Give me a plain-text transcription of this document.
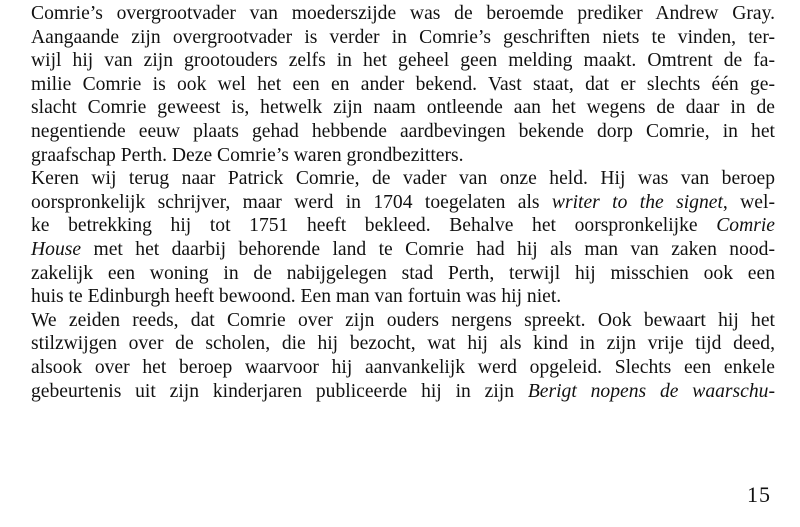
Comrie’s overgrootvader van moederszijde was de beroemde prediker Andrew Gray.
Aangaande zijn overgrootvader is verder in Comrie’s geschriften niets te vinden, ter-
wijl hij van zijn grootouders zelfs in het geheel geen melding maakt. Omtrent de fa-
milie Comrie is ook wel het een en ander bekend. Vast staat, dat er slechts één ge-
slacht Comrie geweest is, hetwelk zijn naam ontleende aan het wegens de daar in de
negentiende eeuw plaats gehad hebbende aardbevingen bekende dorp Comrie, in het
graafschap Perth. Deze Comrie’s waren grondbezitters.
Keren wij terug naar Patrick Comrie, de vader van onze held. Hij was van beroep
oorspronkelijk schrijver, maar werd in 1704 toegelaten als writer to the signet, wel-
ke betrekking hij tot 1751 heeft bekleed. Behalve het oorspronkelijke Comrie
House met het daarbij behorende land te Comrie had hij als man van zaken nood-
zakelijk een woning in de nabijgelegen stad Perth, terwijl hij misschien ook een
huis te Edinburgh heeft bewoond. Een man van fortuin was hij niet.
We zeiden reeds, dat Comrie over zijn ouders nergens spreekt. Ook bewaart hij het
stilzwijgen over de scholen, die hij bezocht, wat hij als kind in zijn vrije tijd deed,
alsook over het beroep waarvoor hij aanvankelijk werd opgeleid. Slechts een enkele
gebeurtenis uit zijn kinderjaren publiceerde hij in zijn Berigt nopens de waarschu-
15
